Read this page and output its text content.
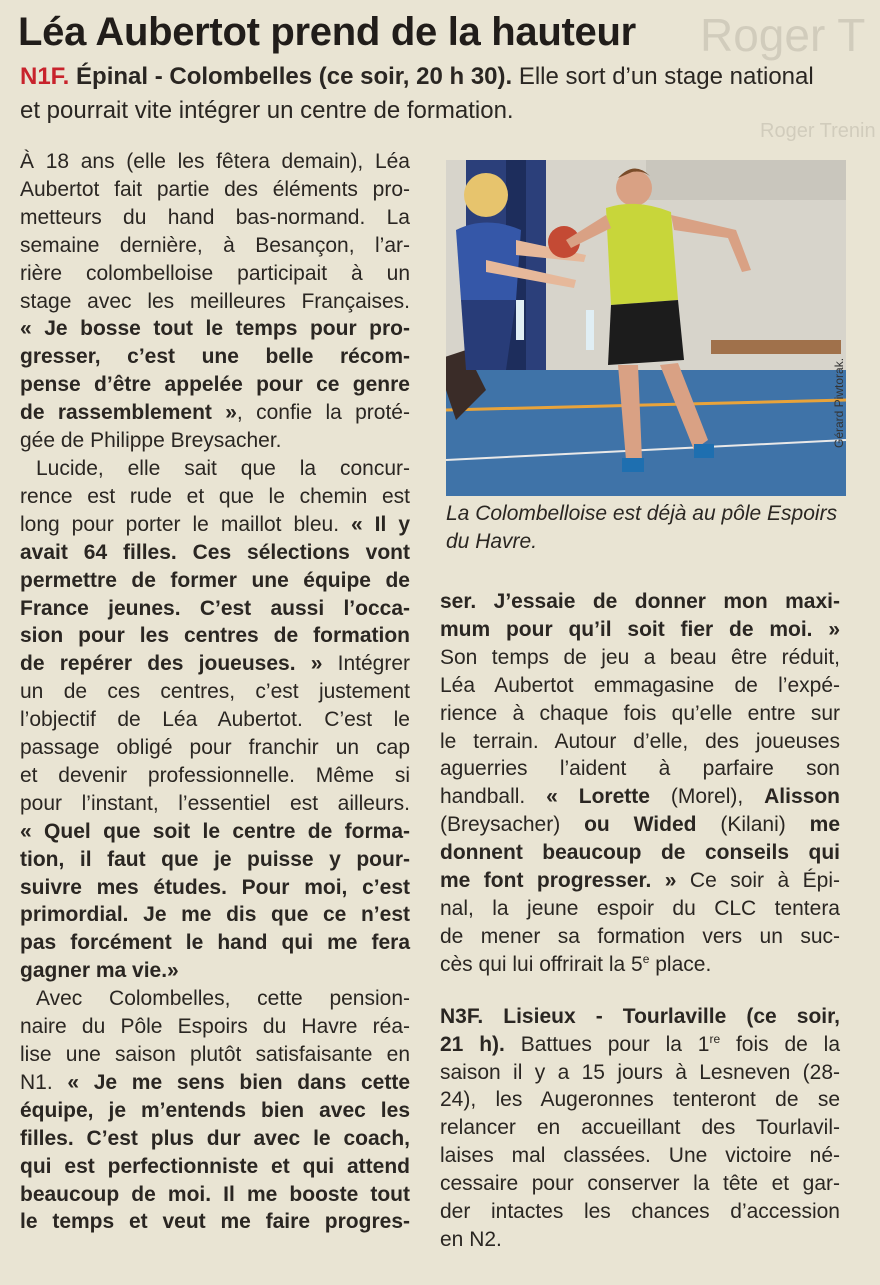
Roger T
Roger Trenin
Léa Aubertot prend de la hauteur

N1F. Épinal - Colombelles (ce soir, 20 h 30). Elle sort d’un stage national et pourrait vite intégrer un centre de formation.

À 18 ans (elle les fêtera demain), Léa

Aubertot fait partie des éléments pro-

metteurs du hand bas-normand. La

semaine dernière, à Besançon, l’ar-

rière colombelloise participait à un

stage avec les meilleures Françaises.

« Je bosse tout le temps pour pro-

gresser, c’est une belle récom-

pense d’être appelée pour ce genre

de rassemblement », confie la proté-

gée de Philippe Breysacher.

Lucide, elle sait que la concur-

rence est rude et que le chemin est

long pour porter le maillot bleu. « Il y

avait 64 filles. Ces sélections vont

permettre de former une équipe de

France jeunes. C’est aussi l’occa-

sion pour les centres de formation

de repérer des joueuses. » Intégrer

un de ces centres, c’est justement

l’objectif de Léa Aubertot. C’est le

passage obligé pour franchir un cap

et devenir professionnelle. Même si

pour l’instant, l’essentiel est ailleurs.

« Quel que soit le centre de forma-

tion, il faut que je puisse y pour-

suivre mes études. Pour moi, c’est

primordial. Je me dis que ce n’est

pas forcément le hand qui me fera

gagner ma vie.»

Avec Colombelles, cette pension-

naire du Pôle Espoirs du Havre réa-

lise une saison plutôt satisfaisante en

N1. « Je me sens bien dans cette

équipe, je m’entends bien avec les

filles. C’est plus dur avec le coach,

qui est perfectionniste et qui attend

beaucoup de moi. Il me booste tout

le temps et veut me faire progres-

Gérard Piwtorak.

La Colombelloise est déjà au pôle Espoirs du Havre.

ser. J’essaie de donner mon maxi-

mum pour qu’il soit fier de moi. »

Son temps de jeu a beau être réduit,

Léa Aubertot emmagasine de l’expé-

rience à chaque fois qu’elle entre sur

le terrain. Autour d’elle, des joueuses

aguerries l’aident à parfaire son

handball. « Lorette (Morel), Alisson

(Breysacher) ou Wided (Kilani) me

donnent beaucoup de conseils qui

me font progresser. » Ce soir à Épi-

nal, la jeune espoir du CLC tentera

de mener sa formation vers un suc-

cès qui lui offrirait la 5e place.

N3F. Lisieux - Tourlaville (ce soir,

21 h). Battues pour la 1re fois de la

saison il y a 15 jours à Lesneven (28-

24), les Augeronnes tenteront de se

relancer en accueillant des Tourlavil-

laises mal classées. Une victoire né-

cessaire pour conserver la tête et gar-

der intactes les chances d’accession

en N2.
